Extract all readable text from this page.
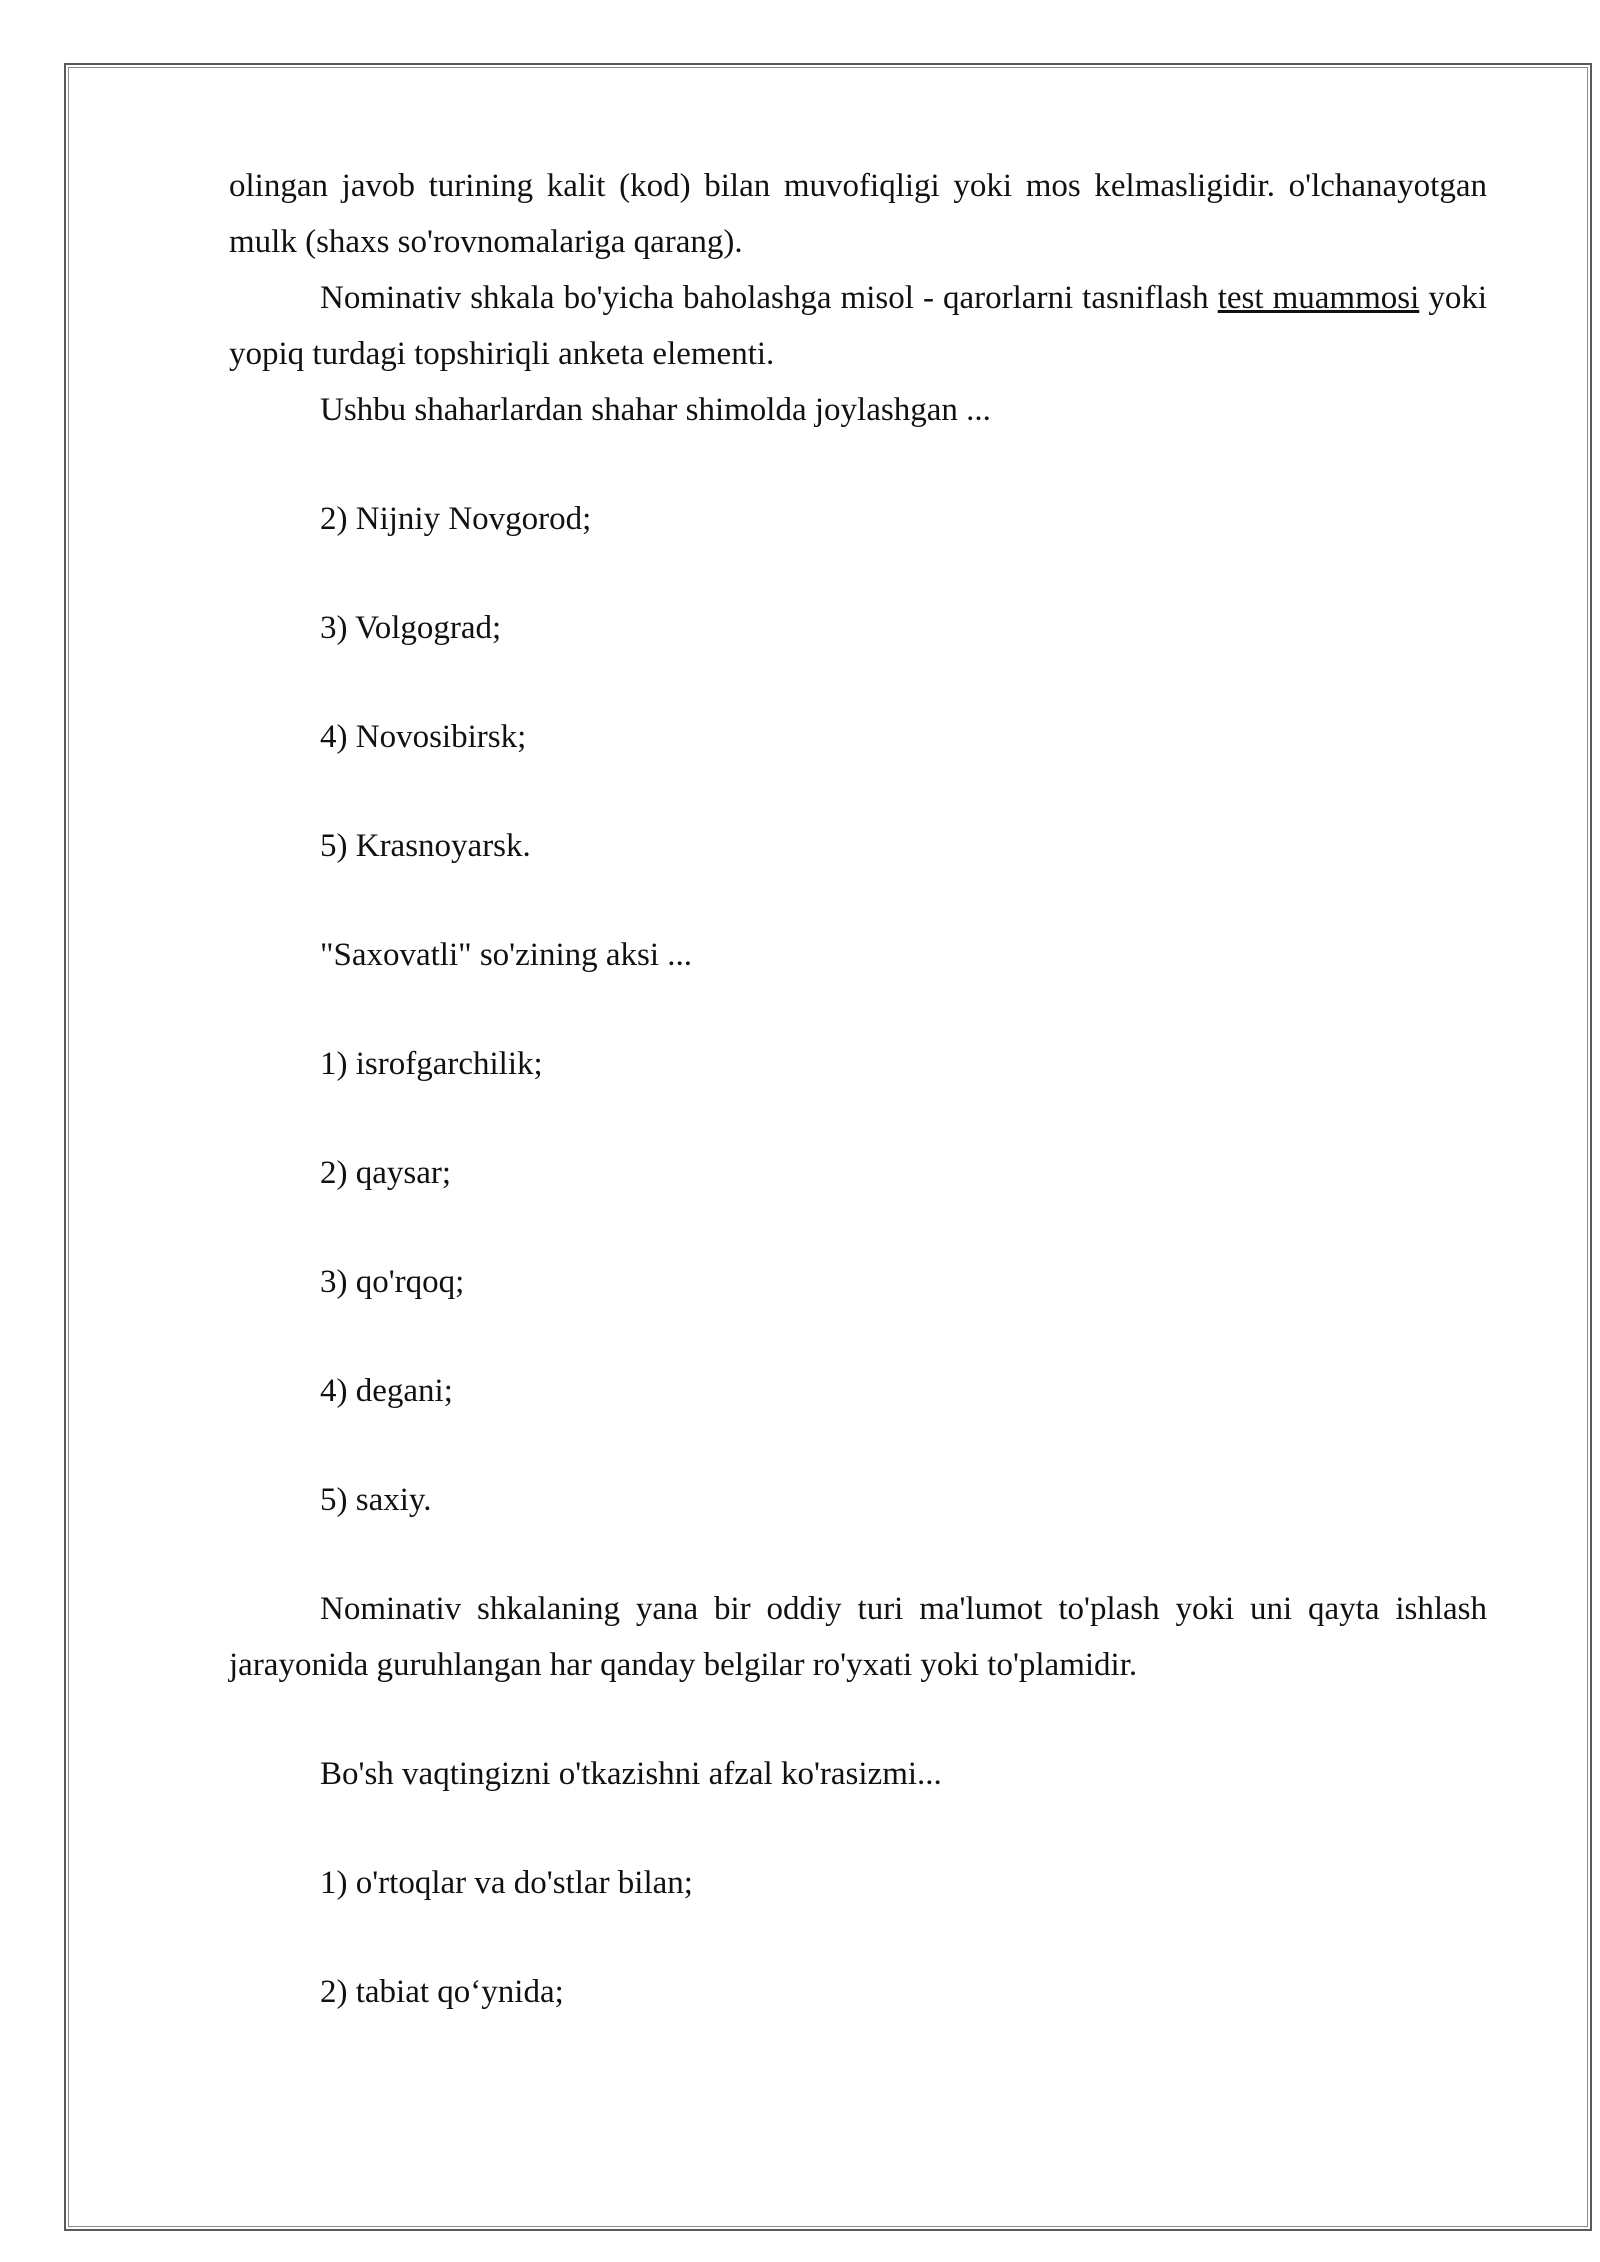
olingan javob turining kalit (kod) bilan muvofiqligi yoki mos kelmasligidir. o'lchanayotgan mulk (shaxs so'rovnomalariga qarang).

Nominativ shkala bo'yicha baholashga misol - qarorlarni tasniflash test muammosi yoki yopiq turdagi topshiriqli anketa elementi.

Ushbu shaharlardan shahar shimolda joylashgan ...

2) Nijniy Novgorod;

3) Volgograd;

4) Novosibirsk;

5) Krasnoyarsk.

"Saxovatli" so'zining aksi ...

1) isrofgarchilik;

2) qaysar;

3) qo'rqoq;

4) degani;

5) saxiy.

Nominativ shkalaning yana bir oddiy turi ma'lumot to'plash yoki uni qayta ishlash jarayonida guruhlangan har qanday belgilar ro'yxati yoki to'plamidir.

Bo'sh vaqtingizni o'tkazishni afzal ko'rasizmi...

1) o'rtoqlar va do'stlar bilan;

2) tabiat qo‘ynida;
